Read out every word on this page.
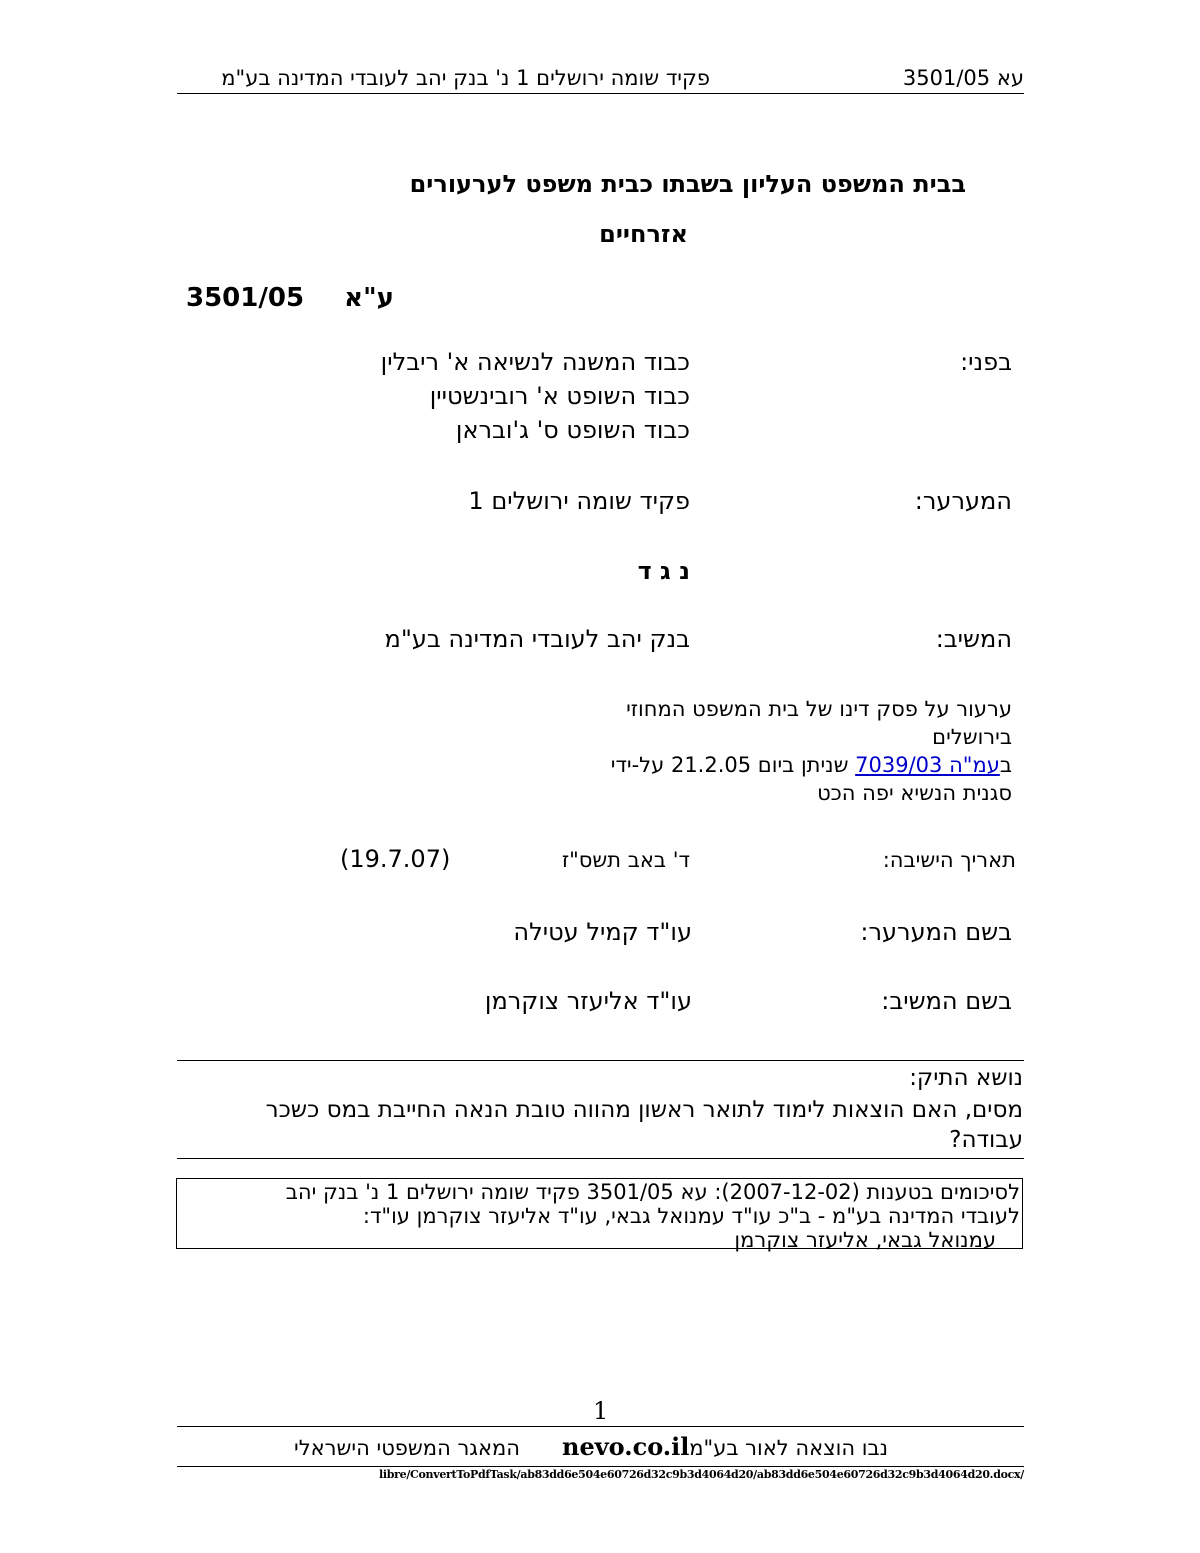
עא 3501/05
פקיד שומה ירושלים 1 נ' בנק יהב לעובדי המדינה בע"מ
בבית המשפט העליון בשבתו כבית משפט לערעורים
אזרחיים
3501/05 ע"א
בפני:
כבוד המשנה לנשיאה א' ריבלין
כבוד השופט א' רובינשטיין
כבוד השופט ס' ג'ובראן
המערער:
פקיד שומה ירושלים 1
נ ג ד
המשיב:
בנק יהב לעובדי המדינה בע"מ
ערעור על פסק דינו של בית המשפט המחוזי
בירושלים
בעמ"ה 7039/03 שניתן ביום 21.2.05 על-ידי
סגנית הנשיא יפה הכט
תאריך הישיבה:
ד' באב תשס"ז
(19.7.07)
בשם המערער:
עו"ד קמיל עטילה
בשם המשיב:
עו"ד אליעזר צוקרמן
נושא התיק:
מסים, האם הוצאות לימוד לתואר ראשון מהווה טובת הנאה החייבת במס כשכר
עבודה?
לסיכומים בטענות (2007-12-02): עא 3501/05 פקיד שומה ירושלים 1 נ' בנק יהב
לעובדי המדינה בע"מ - ב"כ עו"ד עמנואל גבאי, עו"ד אליעזר צוקרמן עו"ד:
עמנואל גבאי, אליעזר צוקרמן
1
נבו הוצאה לאור בע"מ
nevo.co.il
המאגר המשפטי הישראלי
libre/ConvertToPdfTask/ab83dd6e504e60726d32c9b3d4064d20/ab83dd6e504e60726d32c9b3d4064d20.docx/
